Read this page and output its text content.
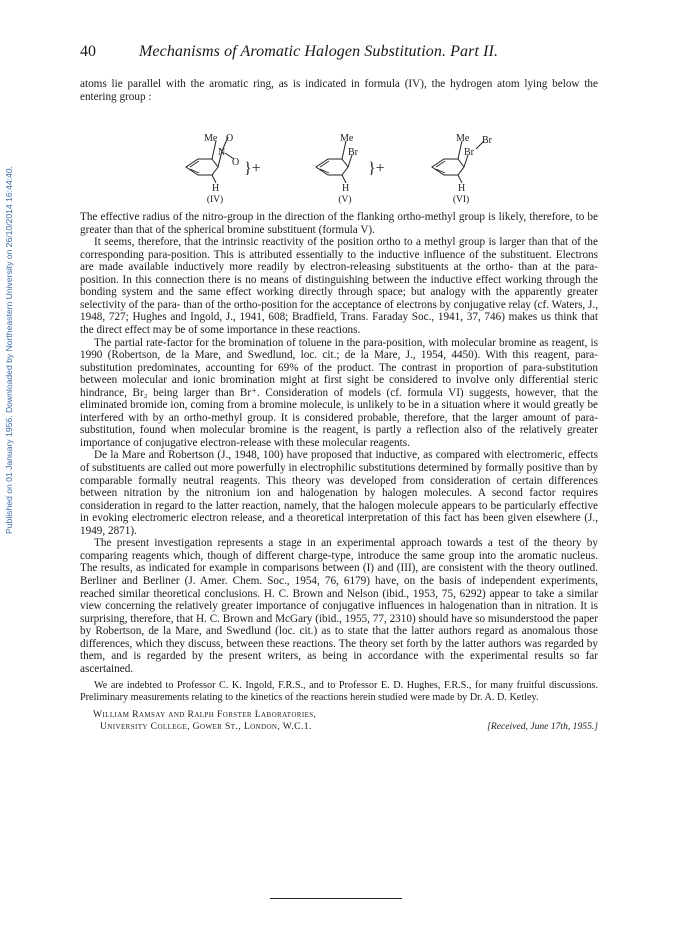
Published on 01 January 1956. Downloaded by Northeastern University on 26/10/2014 16:44:40.
40	Mechanisms of Aromatic Halogen Substitution. Part II.

atoms lie parallel with the aromatic ring, as is indicated in formula (IV), the hydrogen atom lying below the entering group :

Me O
N
O
H
}+
(IV)
Me
Br
H
}+
(V)
Me
Br
Br
H
(VI)

The effective radius of the nitro-group in the direction of the flanking ortho-methyl group is likely, therefore, to be greater than that of the spherical bromine substituent (formula V).

It seems, therefore, that the intrinsic reactivity of the position ortho to a methyl group is larger than that of the corresponding para-position. This is attributed essentially to the inductive influence of the substituent. Electrons are made available inductively more readily by electron-releasing substituents at the ortho- than at the para-position. In this connection there is no means of distinguishing between the inductive effect working through the bonding system and the same effect working directly through space; but analogy with the apparently greater selectivity of the para- than of the ortho-position for the acceptance of electrons by conjugative relay (cf. Waters, J., 1948, 727; Hughes and Ingold, J., 1941, 608; Bradfield, Trans. Faraday Soc., 1941, 37, 746) makes us think that the direct effect may be of some importance in these reactions.

The partial rate-factor for the bromination of toluene in the para-position, with molecular bromine as reagent, is 1990 (Robertson, de la Mare, and Swedlund, loc. cit.; de la Mare, J., 1954, 4450). With this reagent, para-substitution predominates, accounting for 69% of the product. The contrast in proportion of para-substitution between molecular and ionic bromination might at first sight be considered to involve only differential steric hindrance, Br₂ being larger than Br⁺. Consideration of models (cf. formula VI) suggests, however, that the eliminated bromide ion, coming from a bromine molecule, is unlikely to be in a situation where it would greatly be interfered with by an ortho-methyl group. It is considered probable, therefore, that the larger amount of para-substitution, found when molecular bromine is the reagent, is partly a reflection also of the relatively greater importance of conjugative electron-release with these molecular reagents.

De la Mare and Robertson (J., 1948, 100) have proposed that inductive, as compared with electromeric, effects of substituents are called out more powerfully in electrophilic substitutions determined by formally positive than by comparable formally neutral reagents. This theory was developed from consideration of certain differences between nitration by the nitronium ion and halogenation by halogen molecules. A second factor requires consideration in regard to the latter reaction, namely, that the halogen molecule appears to be particularly effective in evoking electromeric electron release, and a theoretical interpretation of this fact has been given elsewhere (J., 1949, 2871).

The present investigation represents a stage in an experimental approach towards a test of the theory by comparing reagents which, though of different charge-type, introduce the same group into the aromatic nucleus. The results, as indicated for example in comparisons between (I) and (III), are consistent with the theory outlined. Berliner and Berliner (J. Amer. Chem. Soc., 1954, 76, 6179) have, on the basis of independent experiments, reached similar theoretical conclusions. H. C. Brown and Nelson (ibid., 1953, 75, 6292) appear to take a similar view concerning the relatively greater importance of conjugative influences in halogenation than in nitration. It is surprising, therefore, that H. C. Brown and McGary (ibid., 1955, 77, 2310) should have so misunderstood the paper by Robertson, de la Mare, and Swedlund (loc. cit.) as to state that the latter authors regard as anomalous those differences, which they discuss, between these reactions. The theory set forth by the latter authors was regarded by them, and is regarded by the present writers, as being in accordance with the experimental results so far ascertained.

We are indebted to Professor C. K. Ingold, F.R.S., and to Professor E. D. Hughes, F.R.S., for many fruitful discussions. Preliminary measurements relating to the kinetics of the reactions herein studied were made by Dr. A. D. Ketley.

William Ramsay and Ralph Forster Laboratories,
University College, Gower St., London, W.C.1.	[Received, June 17th, 1955.]
